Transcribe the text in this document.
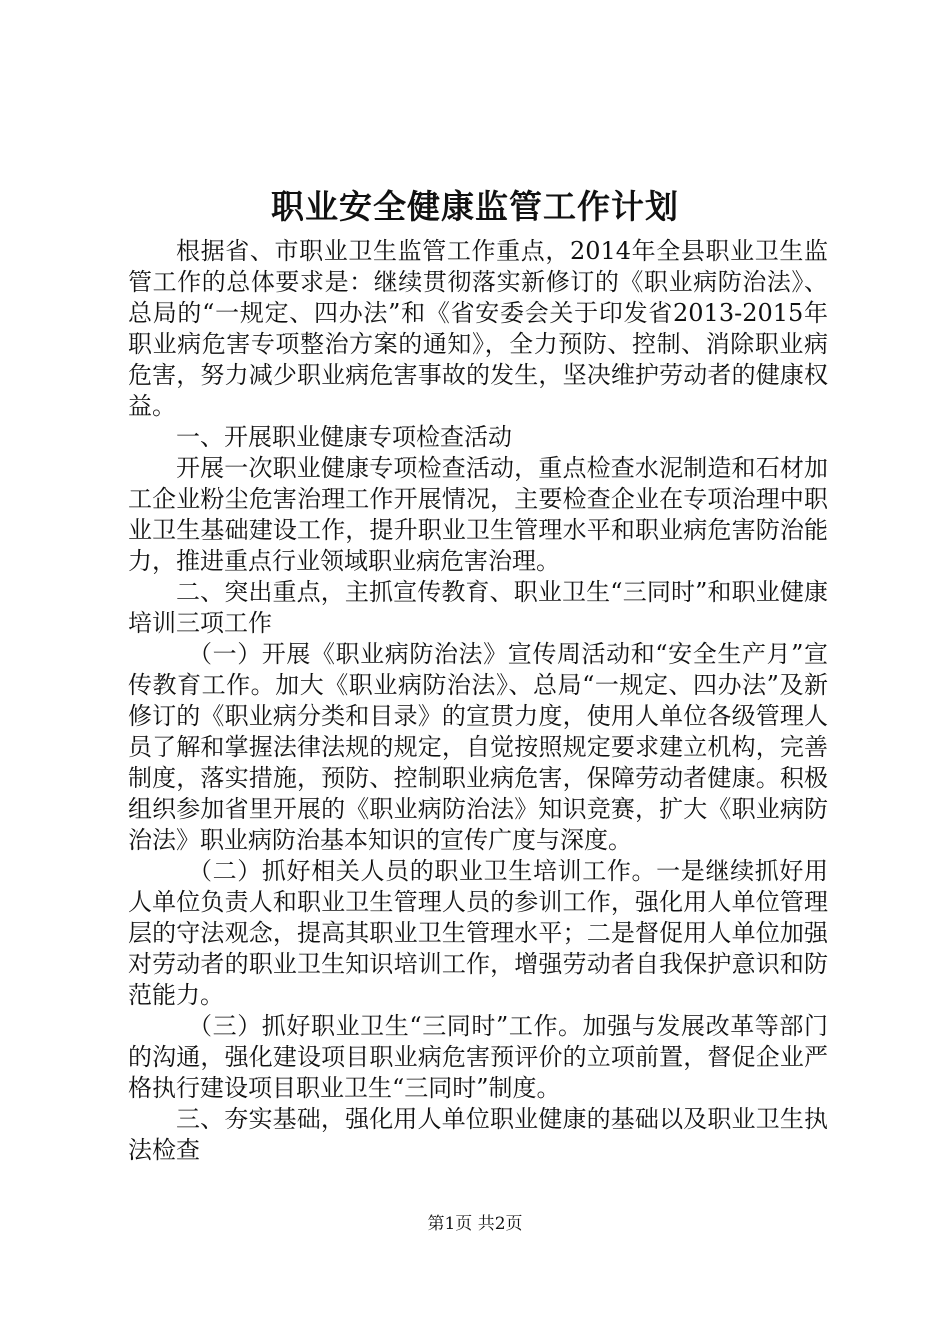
职业安全健康监管工作计划

根据省、市职业卫生监管工作重点，2014年全县职业卫生监管工作的总体要求是：继续贯彻落实新修订的《职业病防治法》、总局的“一规定、四办法”和《省安委会关于印发省2013-2015年职业病危害专项整治方案的通知》，全力预防、控制、消除职业病危害，努力减少职业病危害事故的发生，坚决维护劳动者的健康权益。

一、开展职业健康专项检查活动

开展一次职业健康专项检查活动，重点检查水泥制造和石材加工企业粉尘危害治理工作开展情况，主要检查企业在专项治理中职业卫生基础建设工作，提升职业卫生管理水平和职业病危害防治能力，推进重点行业领域职业病危害治理。

二、突出重点，主抓宣传教育、职业卫生“三同时”和职业健康培训三项工作

（一）开展《职业病防治法》宣传周活动和“安全生产月”宣传教育工作。加大《职业病防治法》、总局“一规定、四办法”及新修订的《职业病分类和目录》的宣贯力度，使用人单位各级管理人员了解和掌握法律法规的规定，自觉按照规定要求建立机构，完善制度，落实措施，预防、控制职业病危害，保障劳动者健康。积极组织参加省里开展的《职业病防治法》知识竞赛，扩大《职业病防治法》职业病防治基本知识的宣传广度与深度。

（二）抓好相关人员的职业卫生培训工作。一是继续抓好用人单位负责人和职业卫生管理人员的参训工作，强化用人单位管理层的守法观念，提高其职业卫生管理水平；二是督促用人单位加强对劳动者的职业卫生知识培训工作，增强劳动者自我保护意识和防范能力。

（三）抓好职业卫生“三同时”工作。加强与发展改革等部门的沟通，强化建设项目职业病危害预评价的立项前置，督促企业严格执行建设项目职业卫生“三同时”制度。

三、夯实基础，强化用人单位职业健康的基础以及职业卫生执法检查

第1页 共2页
